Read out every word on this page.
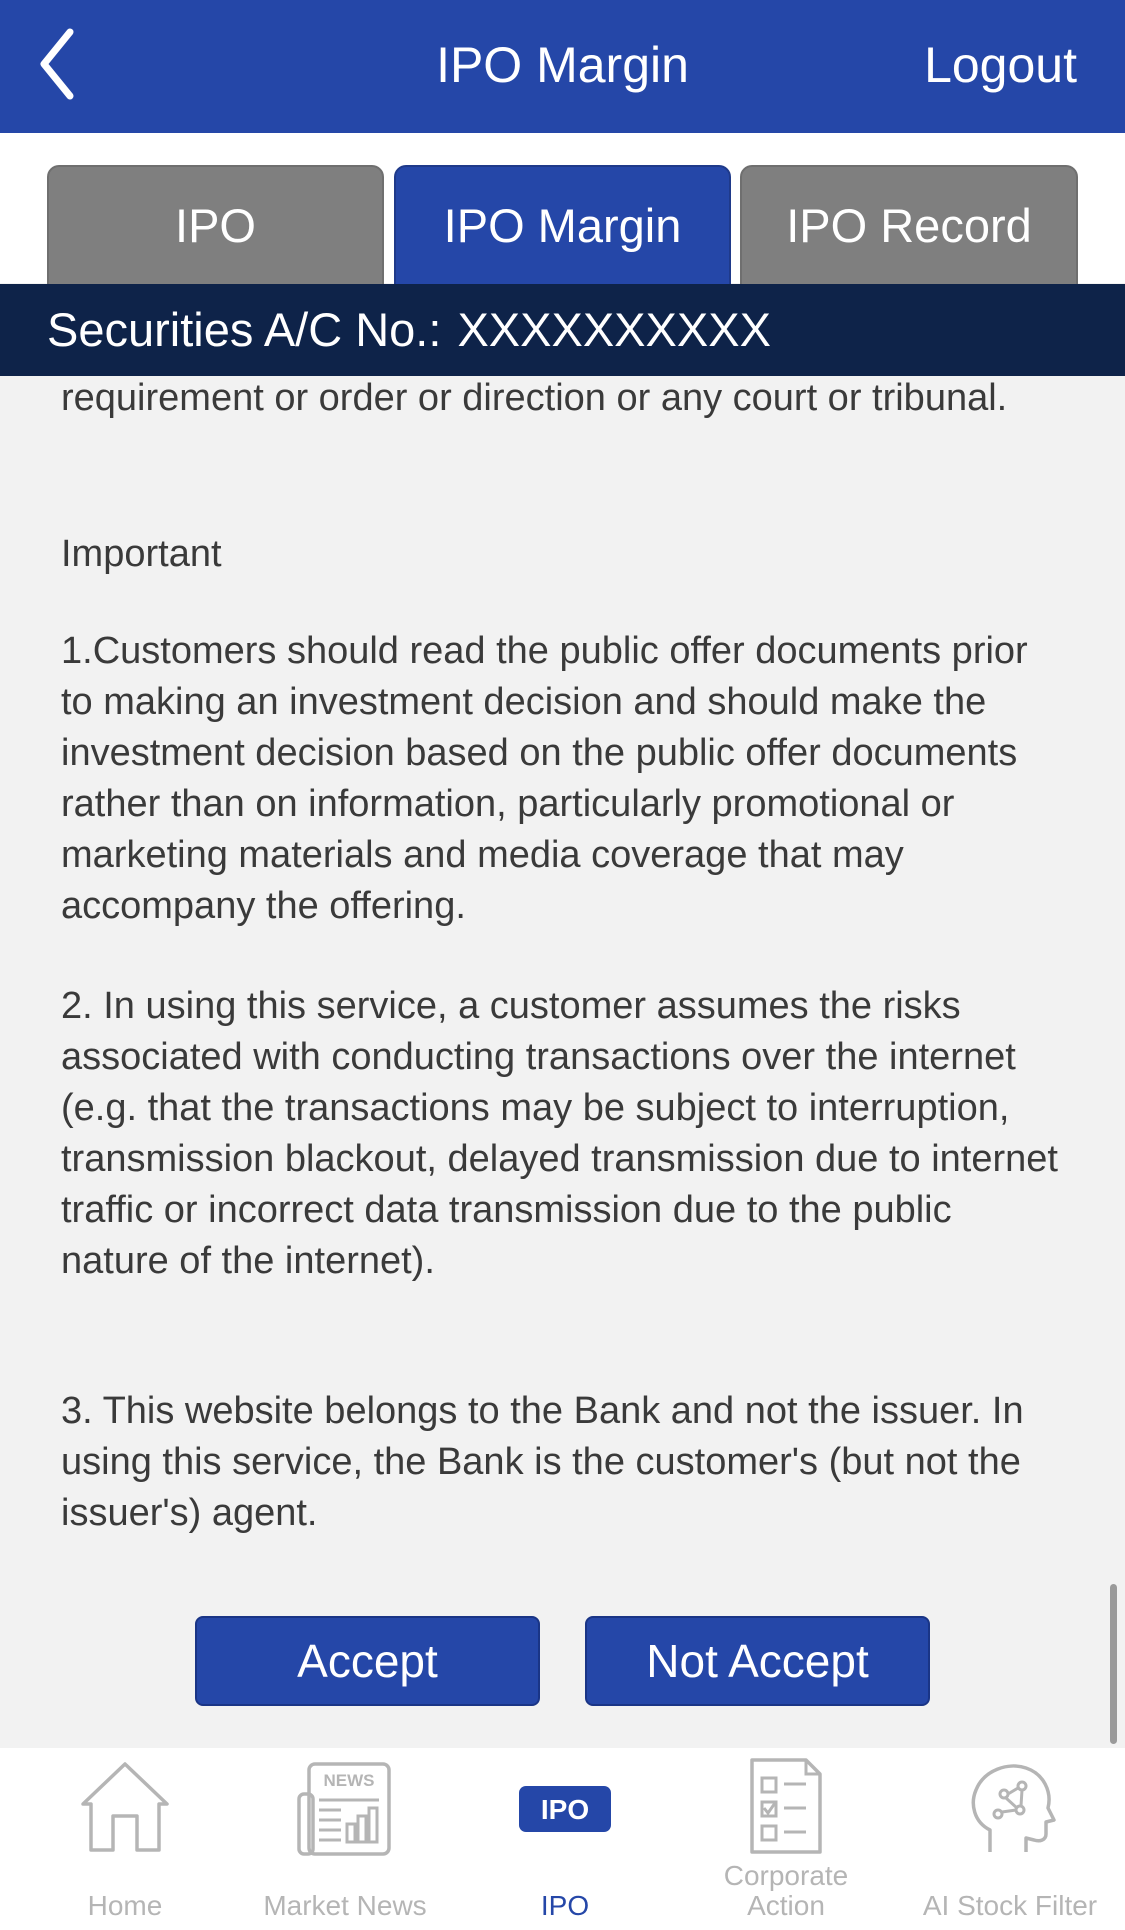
IPO Margin	Logout
IPO	IPO Margin	IPO Record
Securities A/C No.: XXXXXXXXXX
requirement or order or direction or any court or tribunal.
Important
1.Customers should read the public offer documents prior to making an investment decision and should make the investment decision based on the public offer documents rather than on information, particularly promotional or marketing materials and media coverage that may accompany the offering.
2. In using this service, a customer assumes the risks associated with conducting transactions over the internet (e.g. that the transactions may be subject to interruption, transmission blackout, delayed transmission due to internet traffic or incorrect data transmission due to the public nature of the internet).
3. This website belongs to the Bank and not the issuer. In using this service, the Bank is the customer's (but not the issuer's) agent.
Accept	Not Accept
Home
NEWS
Market News
IPO
IPO
Corporate
Action	AI Stock Filter
